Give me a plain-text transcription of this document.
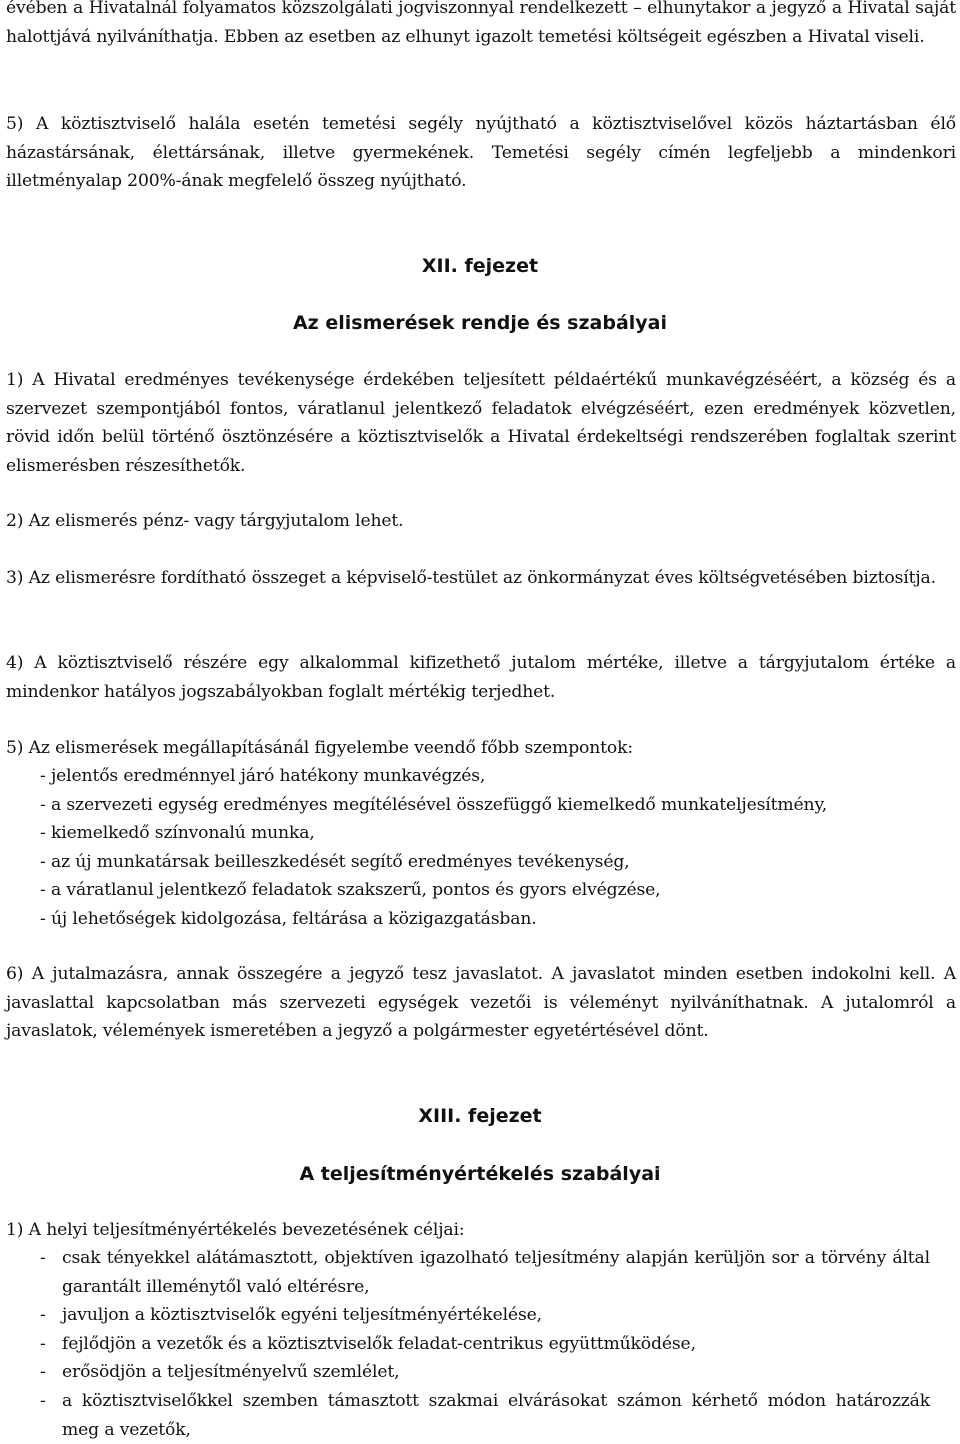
évében a Hivatalnál folyamatos közszolgálati jogviszonnyal rendelkezett – elhunytakor a jegyző a Hivatal saját halottjává nyilváníthatja. Ebben az esetben az elhunyt igazolt temetési költségeit egészben a Hivatal viseli.

5) A köztisztviselő halála esetén temetési segély nyújtható a köztisztviselővel közös háztartásban élő házastársának, élettársának, illetve gyermekének. Temetési segély címén legfeljebb a mindenkori illetményalap 200%-ának megfelelő összeg nyújtható.

XII. fejezet
Az elismerések rendje és szabályai

1) A Hivatal eredményes tevékenysége érdekében teljesített példaértékű munkavégzéséért, a község és a szervezet szempontjából fontos, váratlanul jelentkező feladatok elvégzéséért, ezen eredmények közvetlen, rövid időn belül történő ösztönzésére a köztisztviselők a Hivatal érdekeltségi rendszerében foglaltak szerint elismerésben részesíthetők.

2) Az elismerés pénz- vagy tárgyjutalom lehet.

3) Az elismerésre fordítható összeget a képviselő-testület az önkormányzat éves költségvetésében biztosítja.

4) A köztisztviselő részére egy alkalommal kifizethető jutalom mértéke, illetve a tárgyjutalom értéke a mindenkor hatályos jogszabályokban foglalt mértékig terjedhet.

5) Az elismerések megállapításánál figyelembe veendő főbb szempontok:

- jelentős eredménnyel járó hatékony munkavégzés,
- a szervezeti egység eredményes megítélésével összefüggő kiemelkedő munkateljesítmény,
- kiemelkedő színvonalú munka,
- az új munkatársak beilleszkedését segítő eredményes tevékenység,
- a váratlanul jelentkező feladatok szakszerű, pontos és gyors elvégzése,
- új lehetőségek kidolgozása, feltárása a közigazgatásban.

6) A jutalmazásra, annak összegére a jegyző tesz javaslatot. A javaslatot minden esetben indokolni kell. A javaslattal kapcsolatban más szervezeti egységek vezetői is véleményt nyilváníthatnak. A jutalomról a javaslatok, vélemények ismeretében a jegyző a polgármester egyetértésével dönt.

XIII. fejezet
A teljesítményértékelés szabályai

1) A helyi teljesítményértékelés bevezetésének céljai:

- csak tényekkel alátámasztott, objektíven igazolható teljesítmény alapján kerüljön sor a törvény által garantált illeménytől való eltérésre,
- javuljon a köztisztviselők egyéni teljesítményértékelése,
- fejlődjön a vezetők és a köztisztviselők feladat-centrikus együttműködése,
- erősödjön a teljesítményelvű szemlélet,
- a köztisztviselőkkel szemben támasztott szakmai elvárásokat számon kérhető módon határozzák meg a vezetők,
